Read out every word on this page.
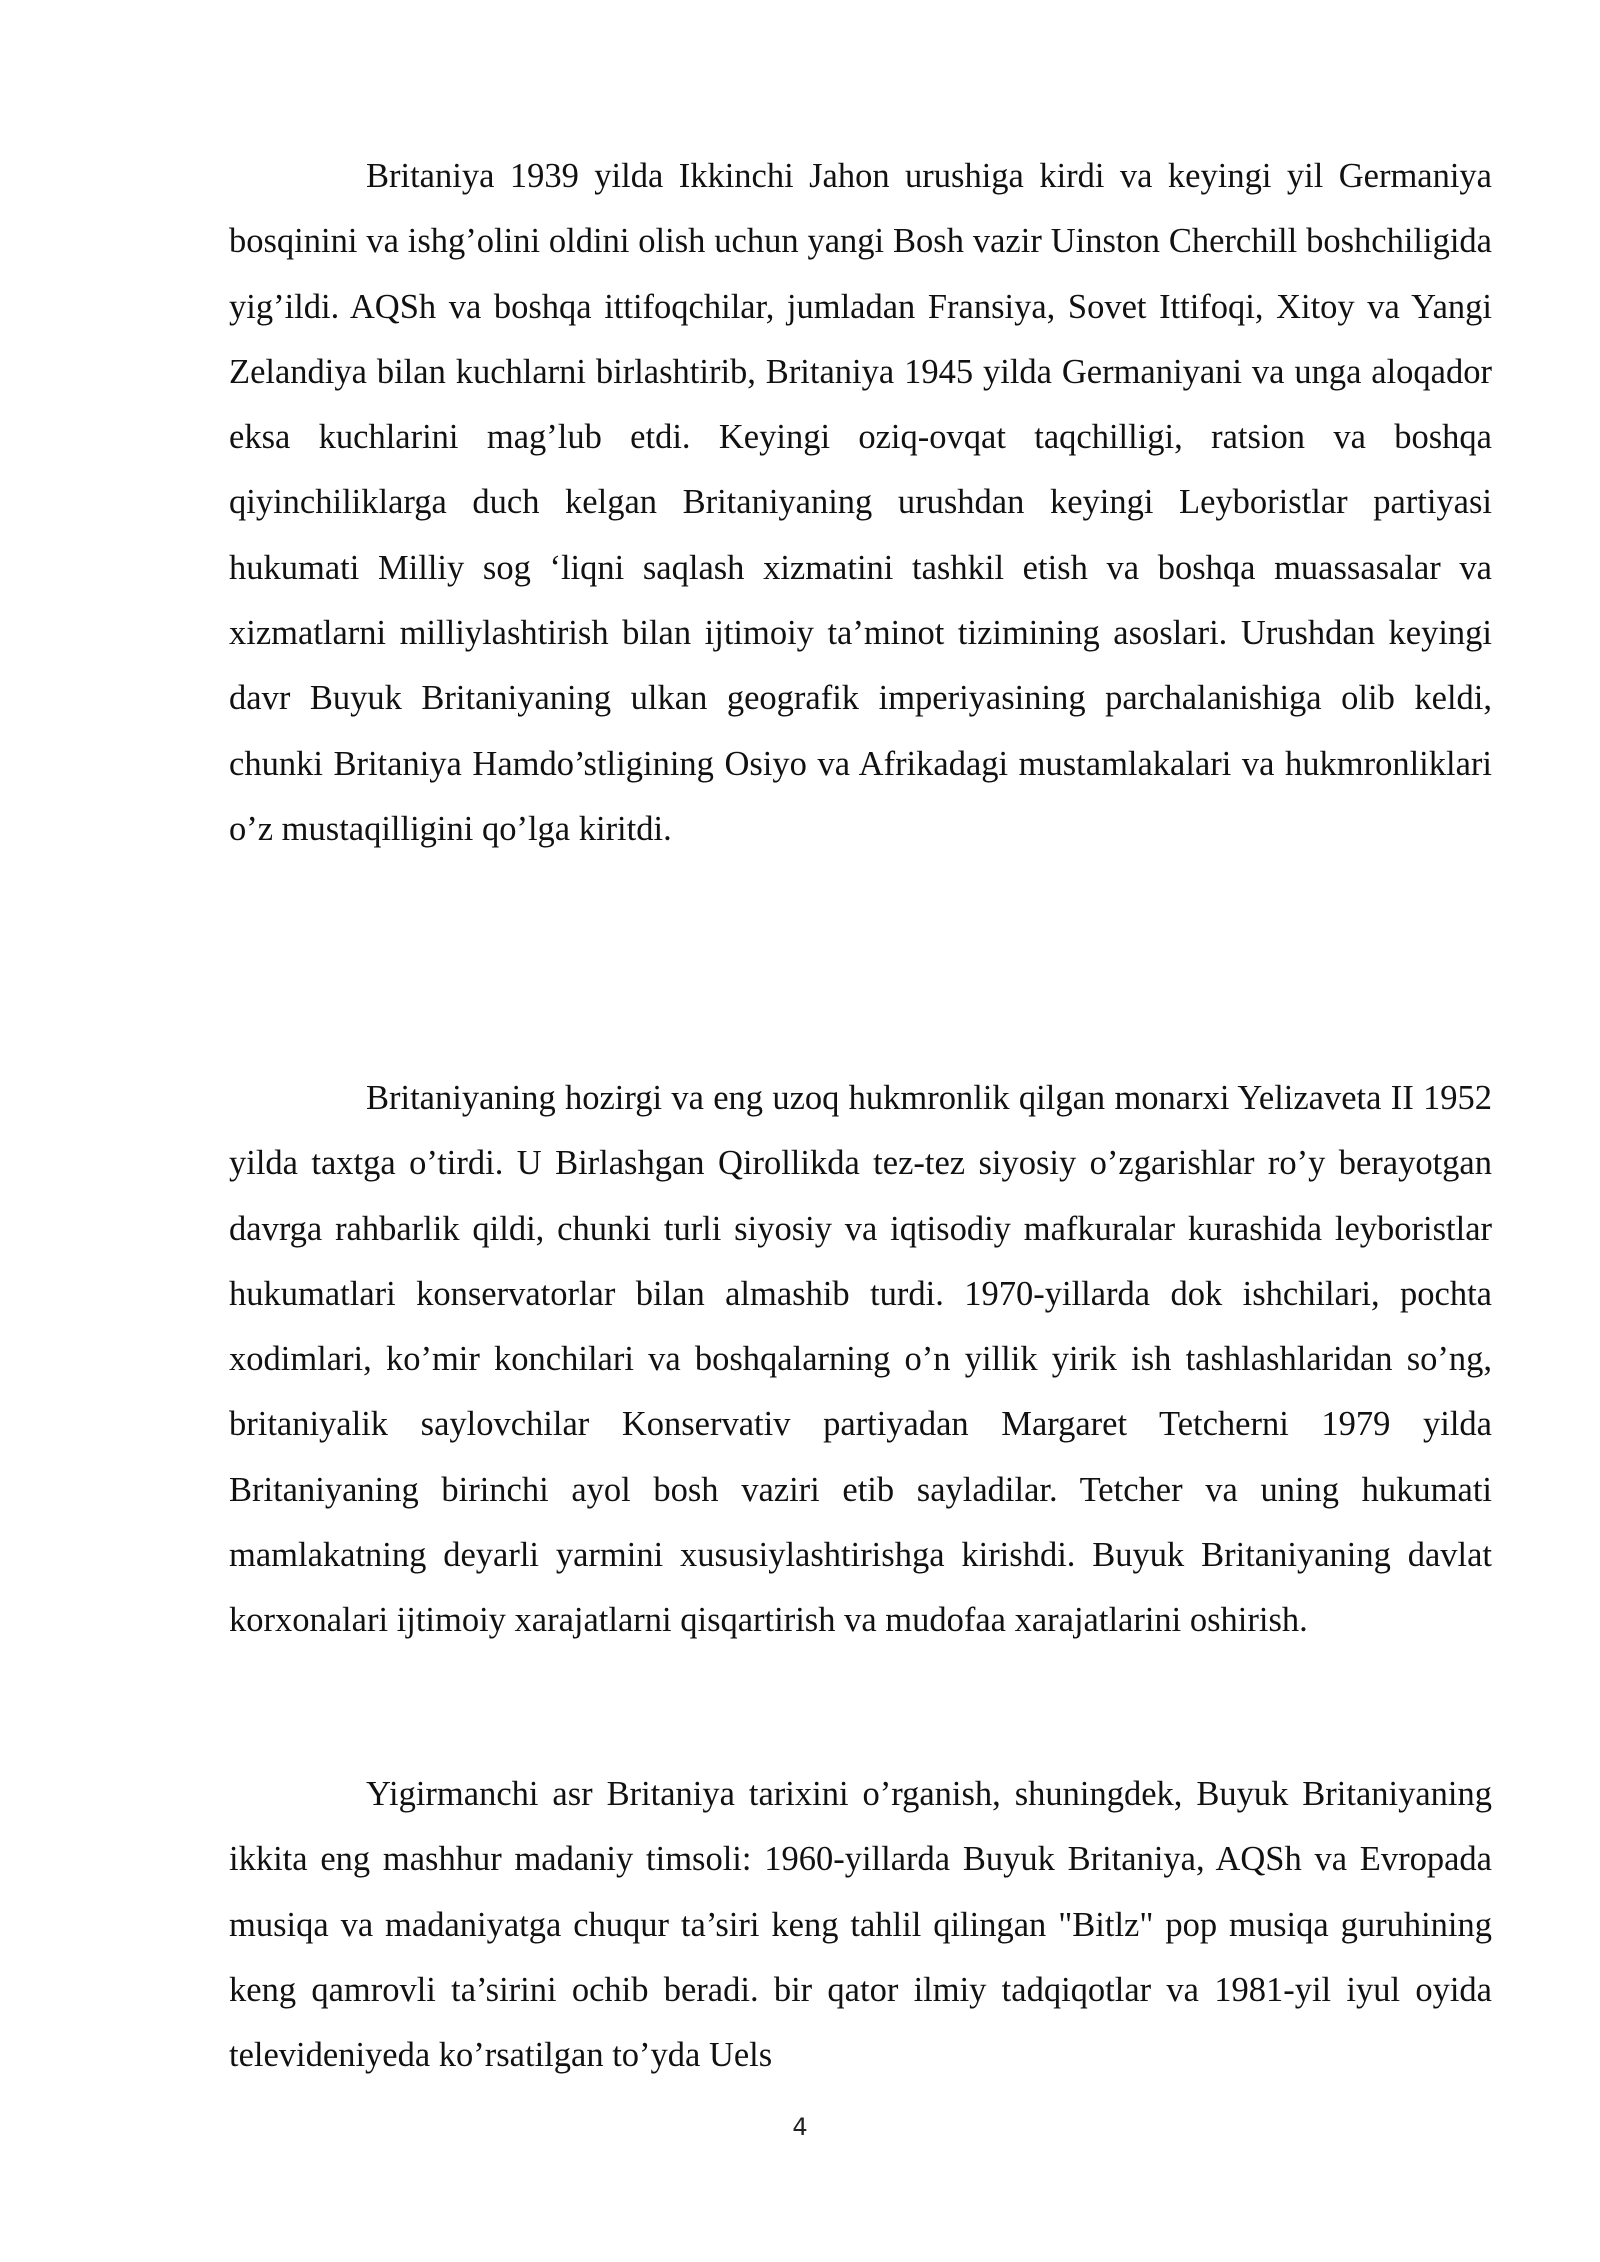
Britaniya 1939 yilda Ikkinchi Jahon urushiga kirdi va keyingi yil Germaniya bosqinini va ishg’olini oldini olish uchun yangi Bosh vazir Uinston Cherchill boshchiligida yig’ildi. AQSh va boshqa ittifoqchilar, jumladan Fransiya, Sovet Ittifoqi, Xitoy va Yangi Zelandiya bilan kuchlarni birlashtirib, Britaniya 1945 yilda Germaniyani va unga aloqador eksa kuchlarini mag’lub etdi. Keyingi oziq-ovqat taqchilligi, ratsion va boshqa qiyinchiliklarga duch kelgan Britaniyaning urushdan keyingi Leyboristlar partiyasi hukumati Milliy sog ‘liqni saqlash xizmatini tashkil etish va boshqa muassasalar va xizmatlarni milliylashtirish bilan ijtimoiy ta’minot tizimining asoslari. Urushdan keyingi davr Buyuk Britaniyaning ulkan geografik imperiyasining parchalanishiga olib keldi, chunki Britaniya Hamdo’stligining Osiyo va Afrikadagi mustamlakalari va hukmronliklari o’z mustaqilligini qo’lga kiritdi.

Britaniyaning hozirgi va eng uzoq hukmronlik qilgan monarxi Yelizaveta II 1952 yilda taxtga o’tirdi. U Birlashgan Qirollikda tez-tez siyosiy o’zgarishlar ro’y berayotgan davrga rahbarlik qildi, chunki turli siyosiy va iqtisodiy mafkuralar kurashida leyboristlar hukumatlari konservatorlar bilan almashib turdi. 1970-yillarda dok ishchilari, pochta xodimlari, ko’mir konchilari va boshqalarning o’n yillik yirik ish tashlashlaridan so’ng, britaniyalik saylovchilar Konservativ partiyadan Margaret Tetcherni 1979 yilda Britaniyaning birinchi ayol bosh vaziri etib sayladilar. Tetcher va uning hukumati mamlakatning deyarli yarmini xususiylashtirishga kirishdi. Buyuk Britaniyaning davlat korxonalari ijtimoiy xarajatlarni qisqartirish va mudofaa xarajatlarini oshirish.

Yigirmanchi asr Britaniya tarixini o’rganish, shuningdek, Buyuk Britaniyaning ikkita eng mashhur madaniy timsoli: 1960-yillarda Buyuk Britaniya, AQSh va Evropada musiqa va madaniyatga chuqur ta’siri keng tahlil qilingan "Bitlz" pop musiqa guruhining keng qamrovli ta’sirini ochib beradi. bir qator ilmiy tadqiqotlar va 1981-yil iyul oyida televideniyeda ko’rsatilgan to’yda Uels

4
